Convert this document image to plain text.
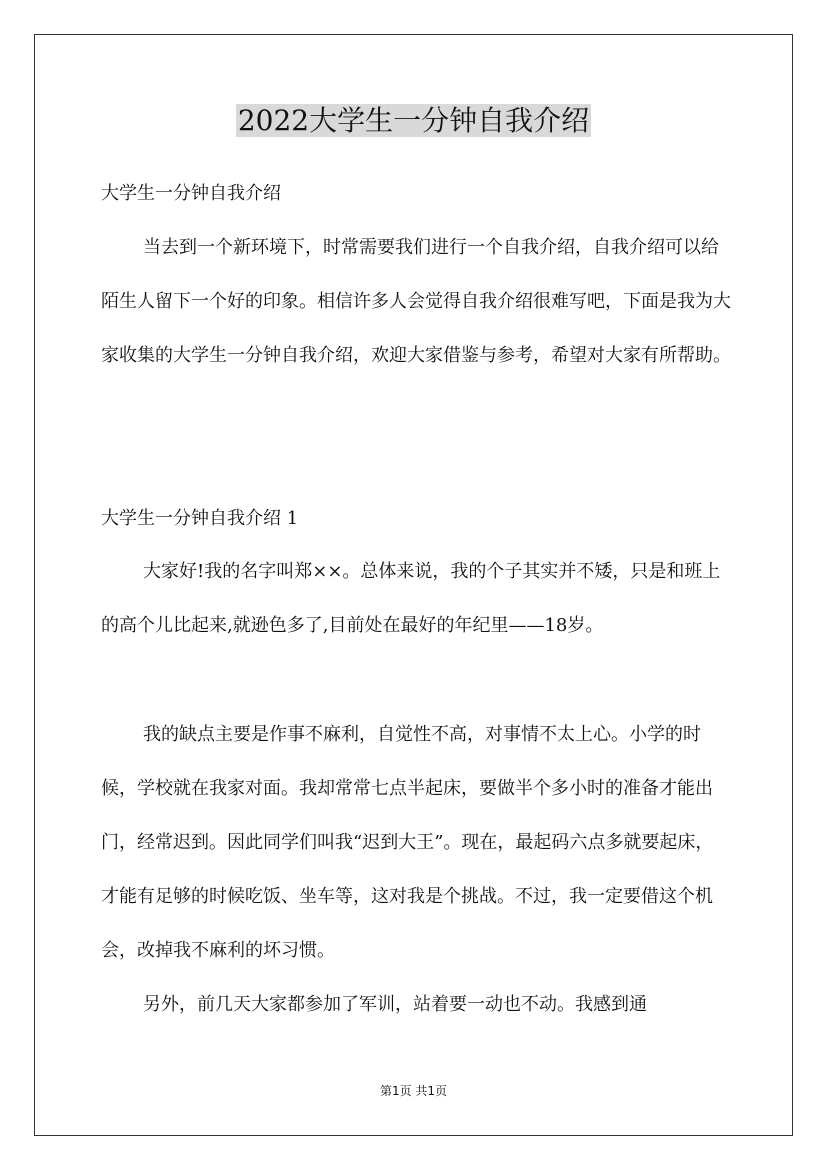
2022大学生一分钟自我介绍
大学生一分钟自我介绍

当去到一个新环境下，时常需要我们进行一个自我介绍，自我介绍可以给陌生人留下一个好的印象。相信许多人会觉得自我介绍很难写吧，下面是我为大家收集的大学生一分钟自我介绍，欢迎大家借鉴与参考，希望对大家有所帮助。

大学生一分钟自我介绍 1

大家好!我的名字叫郑××。总体来说，我的个子其实并不矮，只是和班上的高个儿比起来,就逊色多了,目前处在最好的年纪里——18岁。

我的缺点主要是作事不麻利，自觉性不高，对事情不太上心。小学的时候，学校就在我家对面。我却常常七点半起床，要做半个多小时的准备才能出门，经常迟到。因此同学们叫我“迟到大王”。现在，最起码六点多就要起床，才能有足够的时候吃饭、坐车等，这对我是个挑战。不过，我一定要借这个机会，改掉我不麻利的坏习惯。

另外，前几天大家都参加了军训，站着要一动也不动。我感到通

第1页 共1页
